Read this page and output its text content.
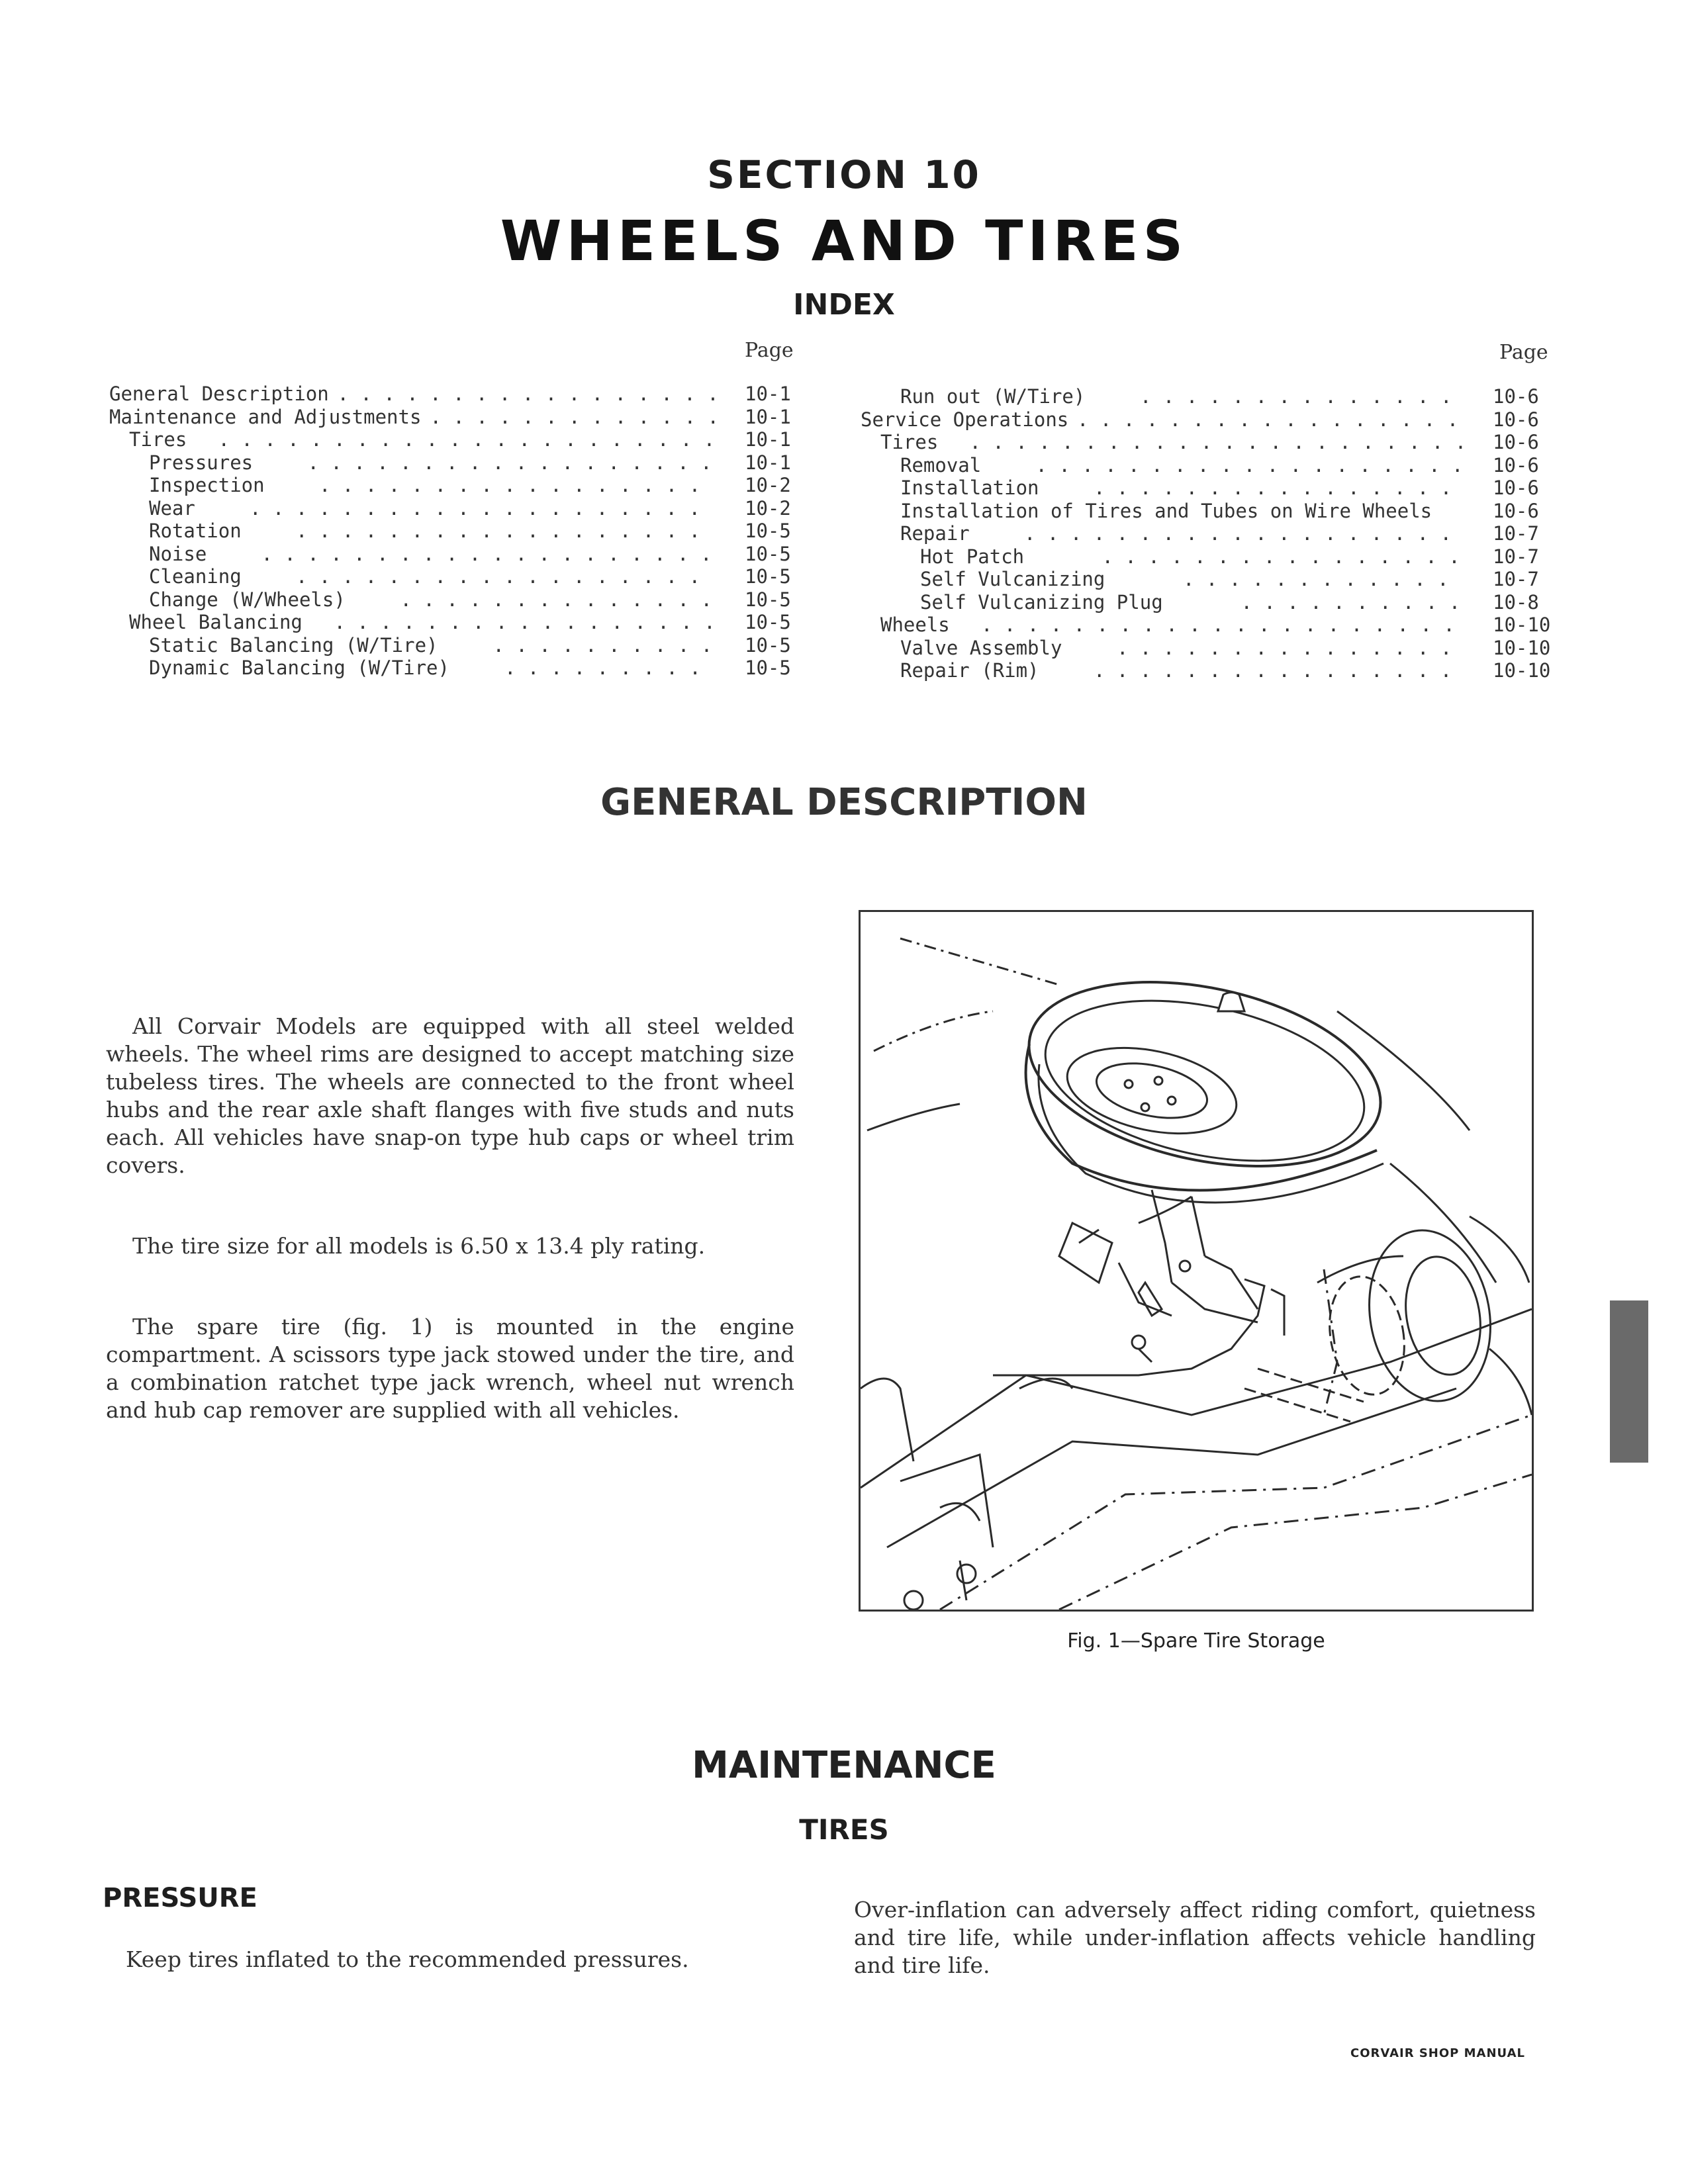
SECTION 10
WHEELS AND TIRES
INDEX
Page	Page
General Description . . . . . . . . . . . . . . . . . 10-1
Maintenance and Adjustments . . . . . . . . . . . . . 10-1
Tires . . . . . . . . . . . . . . . . . . . . . . 10-1
Pressures	. . . . . . . . . . . . . . . . . . 10-1
Inspection	. . . . . . . . . . . . . . . . . 10-2
Wear	. . . . . . . . . . . . . . . . . . . . 10-2
Rotation	. . . . . . . . . . . . . . . . . . 10-5
Noise	. . . . . . . . . . . . . . . . . . . . 10-5
Cleaning	. . . . . . . . . . . . . . . . . . 10-5
Change (W/Wheels)	. . . . . . . . . . . . . . 10-5
Wheel Balancing . . . . . . . . . . . . . . . . . 10-5
Static Balancing (W/Tire)	. . . . . . . . . . 10-5
Dynamic Balancing (W/Tire)	. . . . . . . . . 10-5
Run out (W/Tire)	. . . . . . . . . . . . . . 10-6
Service Operations . . . . . . . . . . . . . . . . . 10-6
Tires . . . . . . . . . . . . . . . . . . . . . . 10-6
Removal	. . . . . . . . . . . . . . . . . . . 10-6
Installation	. . . . . . . . . . . . . . . . 10-6
Installation of Tires and Tubes on Wire Wheels	10-6
Repair	. . . . . . . . . . . . . . . . . . . 10-7
Hot Patch	. . . . . . . . . . . . . . . . 10-7
Self Vulcanizing	. . . . . . . . . . . . 10-7
Self Vulcanizing Plug	. . . . . . . . . . 10-8
Wheels . . . . . . . . . . . . . . . . . . . . . 10-10
Valve Assembly	. . . . . . . . . . . . . . . 10-10
Repair (Rim)	. . . . . . . . . . . . . . . . 10-10
GENERAL DESCRIPTION

All Corvair Models are equipped with all steel welded wheels. The wheel rims are designed to accept matching size tubeless tires. The wheels are connected to the front wheel hubs and the rear axle shaft flanges with five studs and nuts each. All vehicles have snap-on type hub caps or wheel trim covers.

The tire size for all models is 6.50 x 13.4 ply rating.

The spare tire (fig. 1) is mounted in the engine compartment. A scissors type jack stowed under the tire, and a combination ratchet type jack wrench, wheel nut wrench and hub cap remover are supplied with all vehicles.

Fig. 1—Spare Tire Storage
MAINTENANCE
TIRES
PRESSURE
Keep tires inflated to the recommended pressures.
Over-inflation can adversely affect riding comfort, quietness and tire life, while under-inflation affects vehicle handling and tire life.
CORVAIR SHOP MANUAL
